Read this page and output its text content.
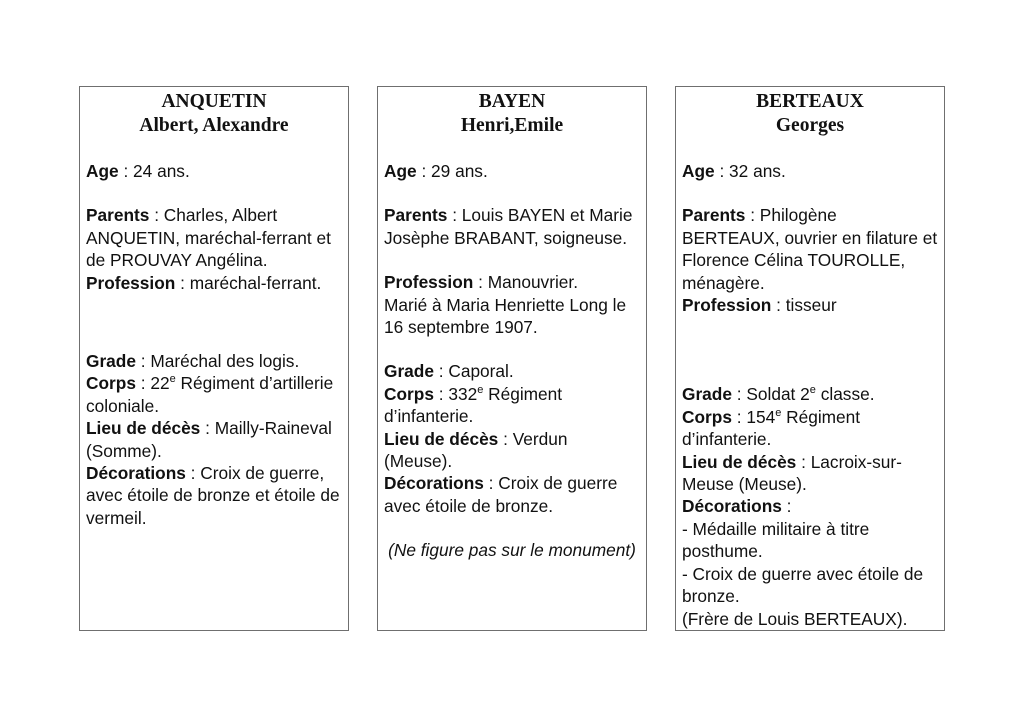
ANQUETIN
Albert, Alexandre

Age : 24 ans.

Parents : Charles, Albert ANQUETIN, maréchal-ferrant et de PROUVAY Angélina.

Profession : maréchal-ferrant.

Grade : Maréchal des logis.

Corps : 22e Régiment d’artillerie coloniale.

Lieu de décès : Mailly-Raineval (Somme).

Décorations : Croix de guerre, avec étoile de bronze et étoile de vermeil.

BAYEN
Henri,Emile

Age : 29 ans.

Parents : Louis BAYEN et Marie Josèphe BRABANT, soigneuse.

Profession : Manouvrier.

Marié à Maria Henriette Long le 16 septembre 1907.

Grade : Caporal.

Corps : 332e Régiment d’infanterie.

Lieu de décès : Verdun (Meuse).

Décorations : Croix de guerre avec étoile de bronze.

(Ne figure pas sur le monument)

BERTEAUX
Georges

Age : 32 ans.

Parents : Philogène BERTEAUX, ouvrier en filature et Florence Célina TOUROLLE, ménagère.

Profession : tisseur

Grade : Soldat 2e classe.

Corps : 154e Régiment d’infanterie.

Lieu de décès : Lacroix-sur-Meuse (Meuse).

Décorations :

- Médaille militaire à titre posthume.

- Croix de guerre avec étoile de bronze.

(Frère de Louis BERTEAUX).
